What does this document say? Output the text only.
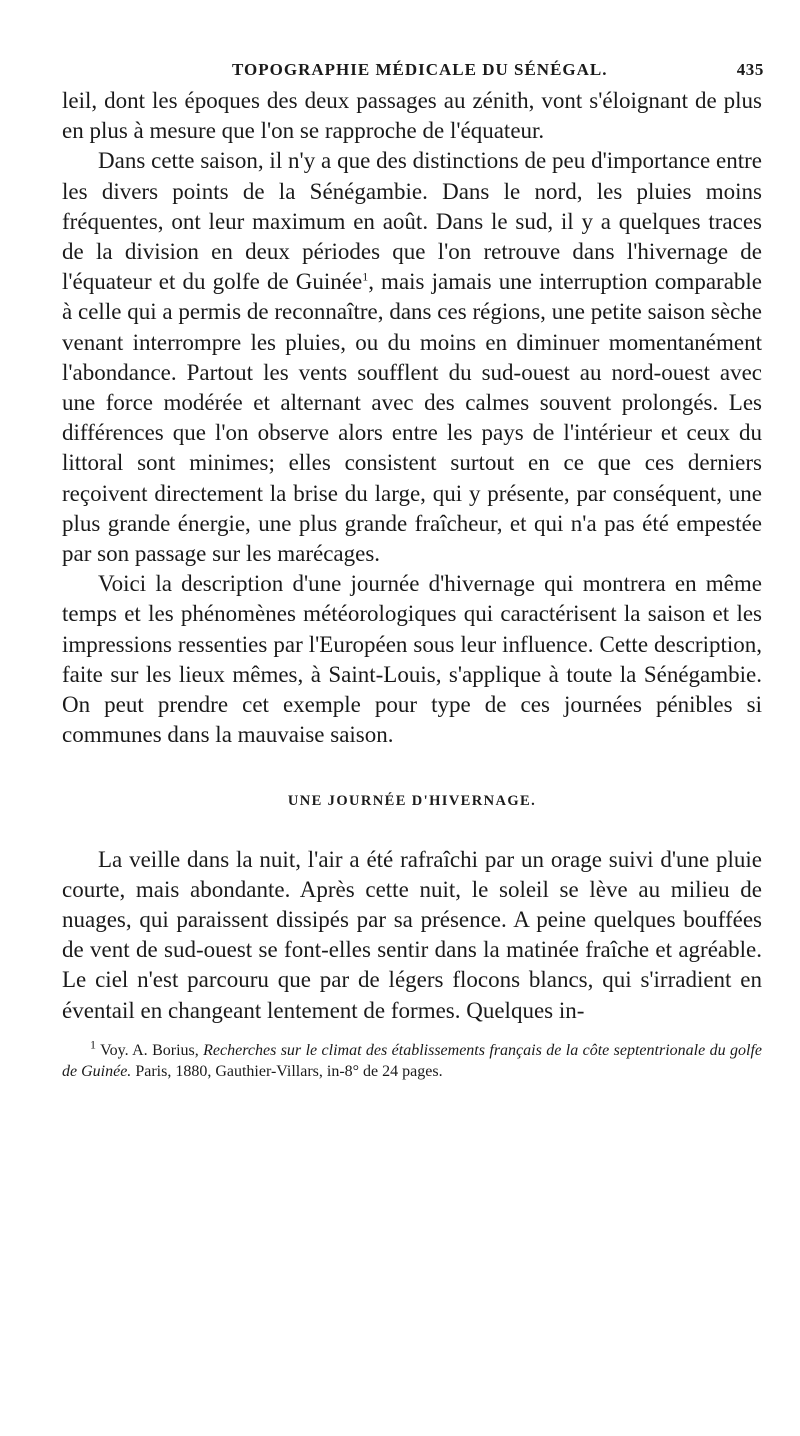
TOPOGRAPHIE MÉDICALE DU SÉNÉGAL.	435

leil, dont les époques des deux passages au zénith, vont s'éloignant de plus en plus à mesure que l'on se rapproche de l'équateur.

Dans cette saison, il n'y a que des distinctions de peu d'importance entre les divers points de la Sénégambie. Dans le nord, les pluies moins fréquentes, ont leur maximum en août. Dans le sud, il y a quelques traces de la division en deux périodes que l'on retrouve dans l'hivernage de l'équateur et du golfe de Guinée$^1$, mais jamais une interruption comparable à celle qui a permis de reconnaître, dans ces régions, une petite saison sèche venant interrompre les pluies, ou du moins en diminuer momentanément l'abondance. Partout les vents soufflent du sud-ouest au nord-ouest avec une force modérée et alternant avec des calmes souvent prolongés. Les différences que l'on observe alors entre les pays de l'intérieur et ceux du littoral sont minimes; elles consistent surtout en ce que ces derniers reçoivent directement la brise du large, qui y présente, par conséquent, une plus grande énergie, une plus grande fraîcheur, et qui n'a pas été empestée par son passage sur les marécages.

Voici la description d'une journée d'hivernage qui montrera en même temps et les phénomènes météorologiques qui caractérisent la saison et les impressions ressenties par l'Européen sous leur influence. Cette description, faite sur les lieux mêmes, à Saint-Louis, s'applique à toute la Sénégambie. On peut prendre cet exemple pour type de ces journées pénibles si communes dans la mauvaise saison.

UNE JOURNÉE D'HIVERNAGE.

La veille dans la nuit, l'air a été rafraîchi par un orage suivi d'une pluie courte, mais abondante. Après cette nuit, le soleil se lève au milieu de nuages, qui paraissent dissipés par sa présence. A peine quelques bouffées de vent de sud-ouest se font-elles sentir dans la matinée fraîche et agréable. Le ciel n'est parcouru que par de légers flocons blancs, qui s'irradient en éventail en changeant lentement de formes. Quelques in-

$^1$ Voy. A. Borius, Recherches sur le climat des établissements français de la côte septentrionale du golfe de Guinée. Paris, 1880, Gauthier-Villars, in-8° de 24 pages.
